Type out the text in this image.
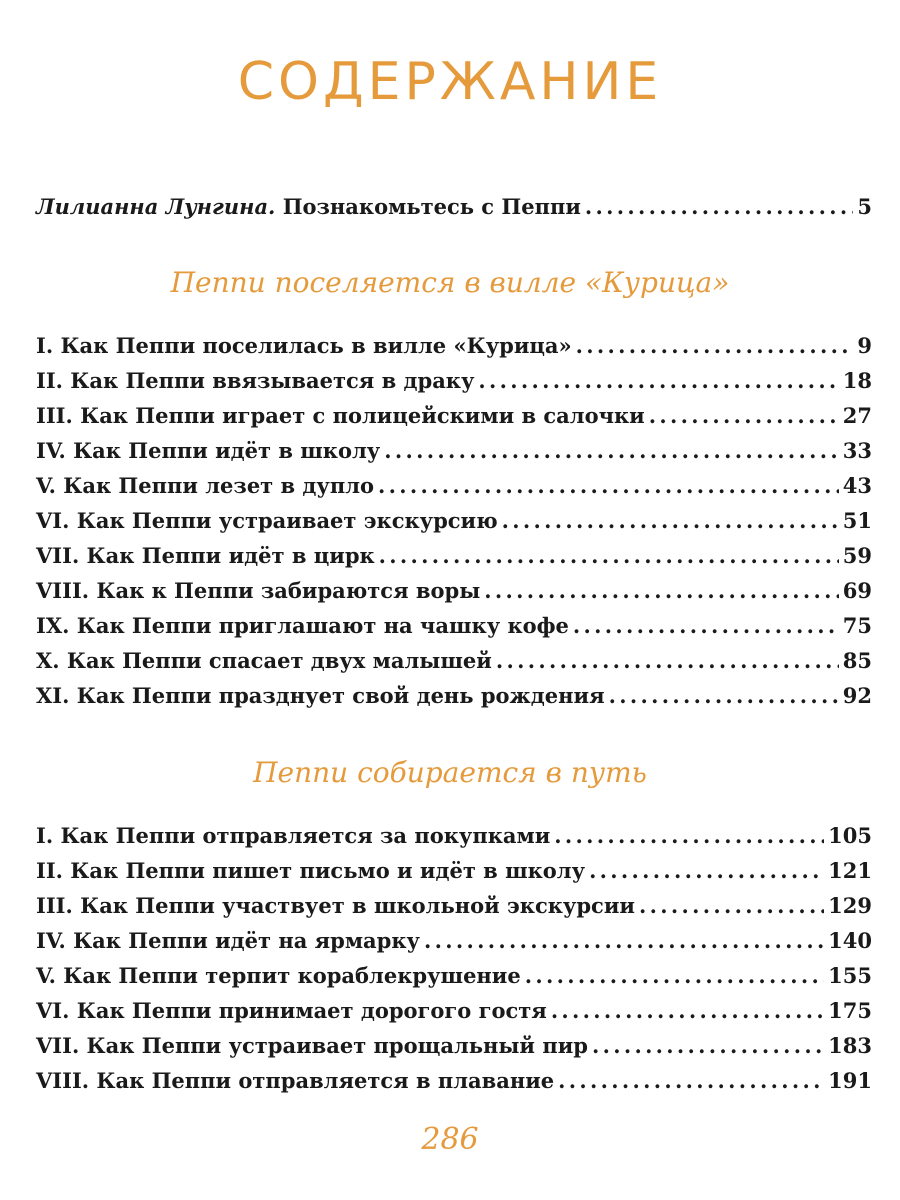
СОДЕРЖАНИЕ
Лилианна Лунгина. Познакомьтесь с Пеппи . . .	5
Пеппи поселяется в вилле «Курица»
I. Как Пеппи поселилась в вилле «Курица» . . .	9
II. Как Пеппи ввязывается в драку . . .	18
III. Как Пеппи играет с полицейскими в салочки . . .	27
IV. Как Пеппи идёт в школу . . .	33
V. Как Пеппи лезет в дупло . . .	43
VI. Как Пеппи устраивает экскурсию . . .	51
VII. Как Пеппи идёт в цирк . . .	59
VIII. Как к Пеппи забираются воры . . .	69
IX. Как Пеппи приглашают на чашку кофе . . .	75
X. Как Пеппи спасает двух малышей . . .	85
XI. Как Пеппи празднует свой день рождения . . .	92
Пеппи собирается в путь
I. Как Пеппи отправляется за покупками . . .	105
II. Как Пеппи пишет письмо и идёт в школу . . .	121
III. Как Пеппи участвует в школьной экскурсии . . .	129
IV. Как Пеппи идёт на ярмарку . . .	140
V. Как Пеппи терпит кораблекрушение . . .	155
VI. Как Пеппи принимает дорогого гостя . . .	175
VII. Как Пеппи устраивает прощальный пир . . .	183
VIII. Как Пеппи отправляется в плавание . . .	191
286
